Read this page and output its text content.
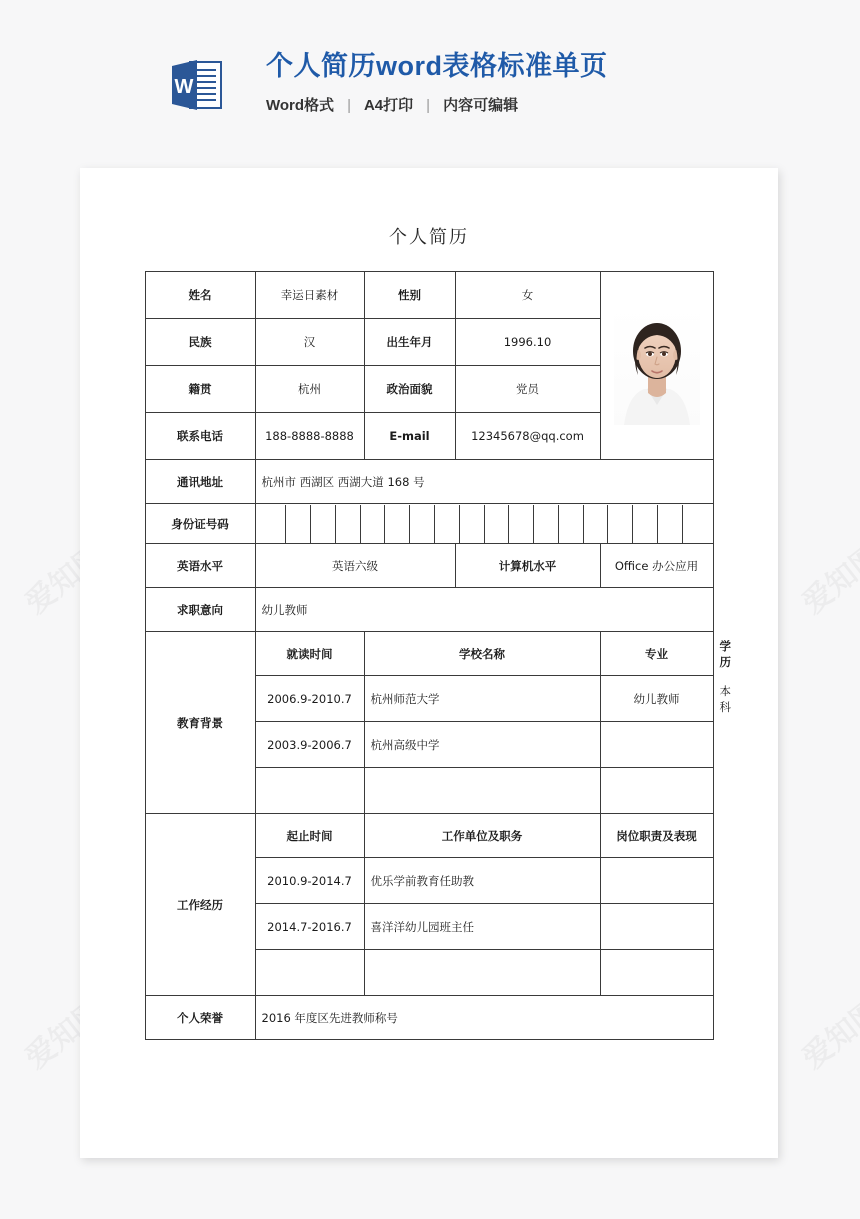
W
个人简历word表格标准单页
Word格式 | A4打印 | 内容可编辑
个人简历
姓名	幸运日素材	性别	女	

民族	汉	出生年月	1996.10		
籍贯	杭州	政治面貌	党员		
联系电话	188-8888-8888	E-mail	12345678@qq.com		
通讯地址	杭州市 西湖区 西湖大道 168 号				
身份证号码					

英语水平	英语六级		计算机水平	Office 办公应用	
求职意向	幼儿教师				
教育背景	就读时间	学校名称		专业	学历
	2006.9-2010.7	杭州师范大学		幼儿教师	本科
	2003.9-2006.7	杭州高级中学			

工作经历	起止时间	工作单位及职务		岗位职责及表现	
	2010.9-2014.7	优乐学前教育任助教			
	2014.7-2016.7	喜洋洋幼儿园班主任			

个人荣誉	2016 年度区先进教师称号				
